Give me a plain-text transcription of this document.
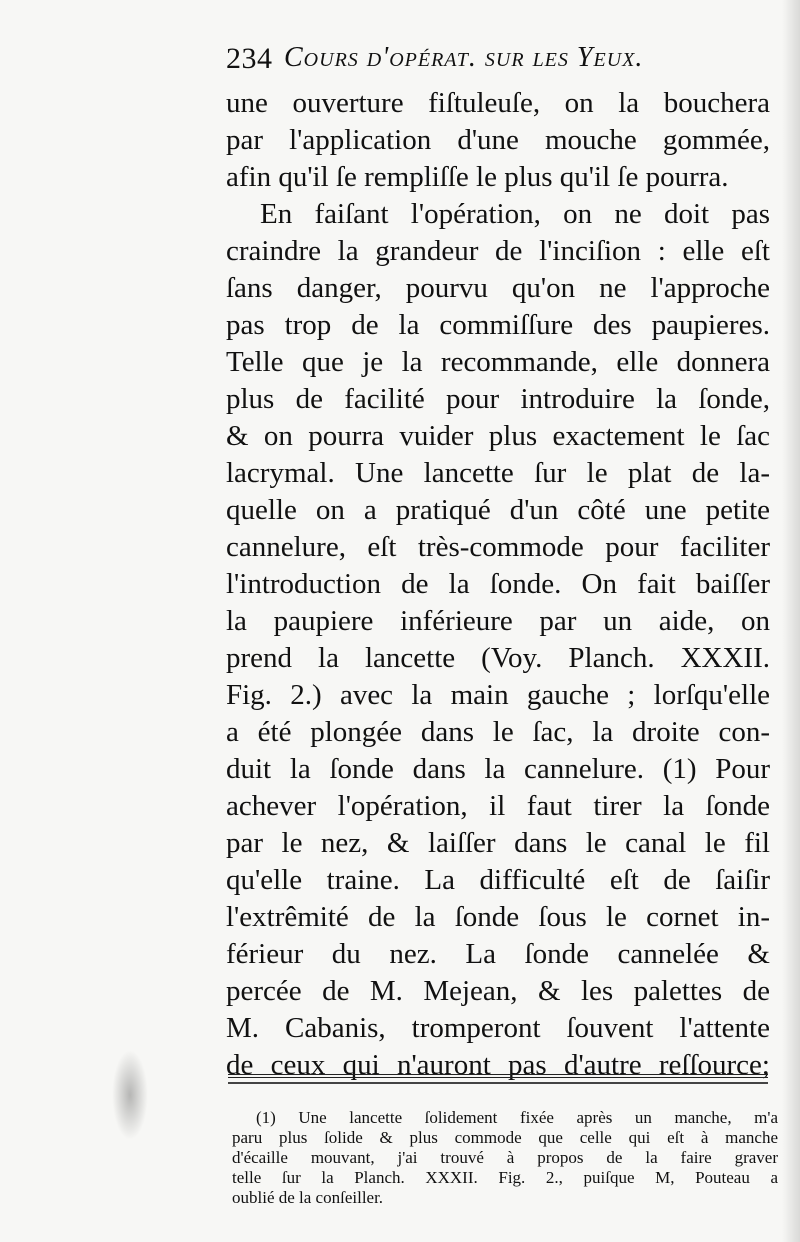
234 Cours d'opérat. sur les Yeux.
une ouverture fiſtuleuſe, on la bouchera
par l'application d'une mouche gommée,
afin qu'il ſe rempliſſe le plus qu'il ſe pourra.
En faiſant l'opération, on ne doit pas
craindre la grandeur de l'inciſion : elle eſt
ſans danger, pourvu qu'on ne l'approche
pas trop de la commiſſure des paupieres.
Telle que je la recommande, elle donnera
plus de facilité pour introduire la ſonde,
& on pourra vuider plus exactement le ſac
lacrymal. Une lancette ſur le plat de la-
quelle on a pratiqué d'un côté une petite
cannelure, eſt très-commode pour faciliter
l'introduction de la ſonde. On fait baiſſer
la paupiere inférieure par un aide, on
prend la lancette (Voy. Planch. XXXII.
Fig. 2.) avec la main gauche ; lorſqu'elle
a été plongée dans le ſac, la droite con-
duit la ſonde dans la cannelure. (1) Pour
achever l'opération, il faut tirer la ſonde
par le nez, & laiſſer dans le canal le fil
qu'elle traine. La difficulté eſt de ſaiſir
l'extrêmité de la ſonde ſous le cornet in-
férieur du nez. La ſonde cannelée &
percée de M. Mejean, & les palettes de
M. Cabanis, tromperont ſouvent l'attente
de ceux qui n'auront pas d'autre reſſource;
(1) Une lancette ſolidement fixée après un manche, m'a
paru plus ſolide & plus commode que celle qui eſt à manche
d'écaille mouvant, j'ai trouvé à propos de la faire graver
telle ſur la Planch. XXXII. Fig. 2., puiſque M, Pouteau a
oublié de la conſeiller.
